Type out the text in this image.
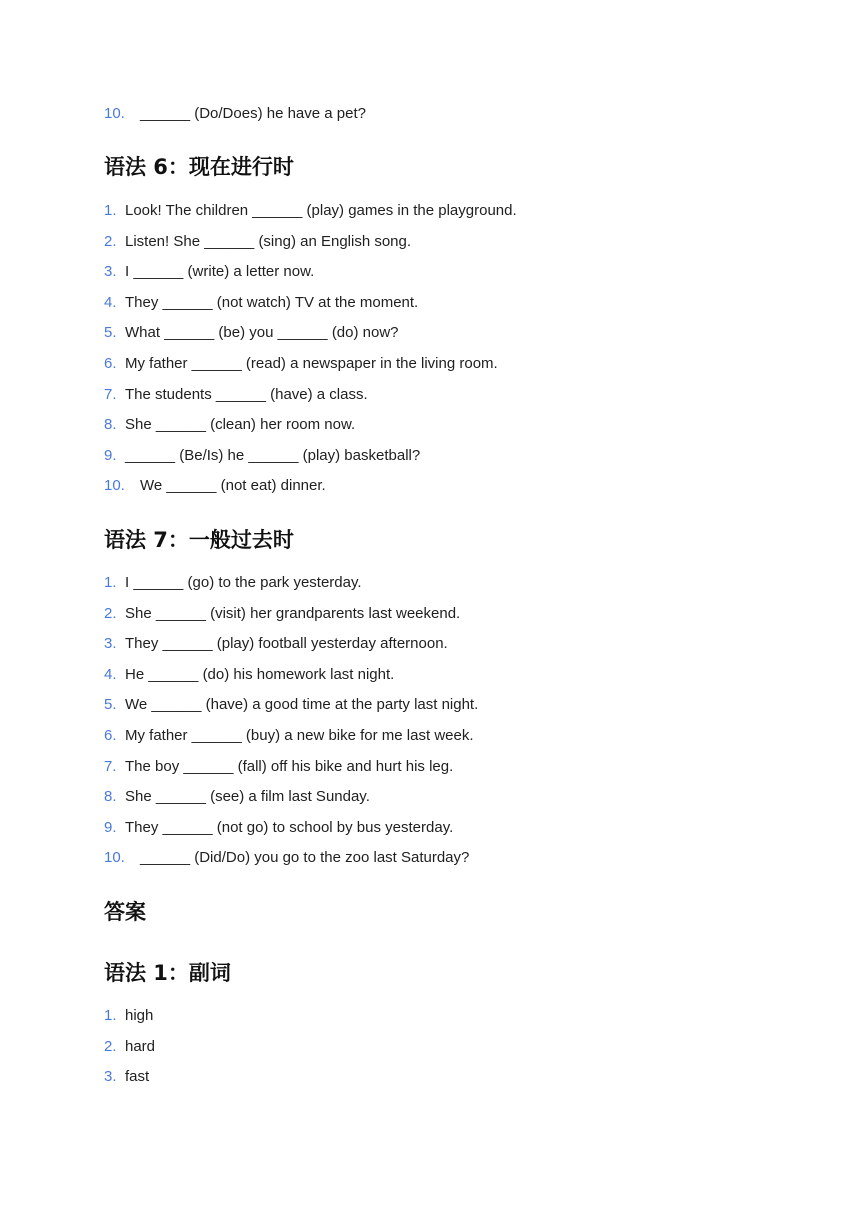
10. ______ (Do/Does) he have a pet?
语法 6：现在进行时
1. Look! The children ______ (play) games in the playground.
2. Listen! She ______ (sing) an English song.
3. I ______ (write) a letter now.
4. They ______ (not watch) TV at the moment.
5. What ______ (be) you ______ (do) now?
6. My father ______ (read) a newspaper in the living room.
7. The students ______ (have) a class.
8. She ______ (clean) her room now.
9. ______ (Be/Is) he ______ (play) basketball?
10. We ______ (not eat) dinner.
语法 7：一般过去时
1. I ______ (go) to the park yesterday.
2. She ______ (visit) her grandparents last weekend.
3. They ______ (play) football yesterday afternoon.
4. He ______ (do) his homework last night.
5. We ______ (have) a good time at the party last night.
6. My father ______ (buy) a new bike for me last week.
7. The boy ______ (fall) off his bike and hurt his leg.
8. She ______ (see) a film last Sunday.
9. They ______ (not go) to school by bus yesterday.
10. ______ (Did/Do) you go to the zoo last Saturday?
答案
语法 1：副词
1. high
2. hard
3. fast
